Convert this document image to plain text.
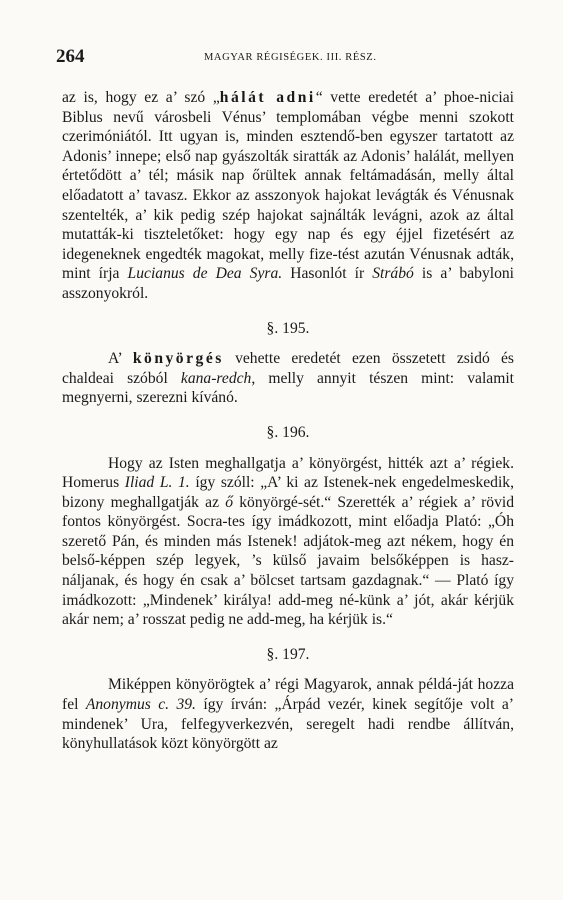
264	MAGYAR RÉGISÉGEK. III. RÉSZ.

az is, hogy ez a’ szó „hálát adni“ vette eredetét a’ phoe-niciai Biblus nevű városbeli Vénus’ templomában végbe menni szokott czerimóniától. Itt ugyan is, minden esztendő-ben egyszer tartatott az Adonis’ innepe; első nap gyászolták siratták az Adonis’ halálát, mellyen értetődött a’ tél; másik nap őrültek annak feltámadásán, melly által előadatott a’ tavasz. Ekkor az asszonyok hajokat levágták és Vénusnak szentelték, a’ kik pedig szép hajokat sajnálták levágni, azok az által mutatták-ki tiszteletőket: hogy egy nap és egy éjjel fizetésért az idegeneknek engedték magokat, melly fize-tést azután Vénusnak adták, mint írja Lucianus de Dea Syra. Hasonlót ír Strábó is a’ babyloni asszonyokról.

§. 195.

A’ könyörgés vehette eredetét ezen összetett zsidó és chaldeai szóból kana-redch, melly annyit tészen mint: valamit megnyerni, szerezni kívánó.

§. 196.

Hogy az Isten meghallgatja a’ könyörgést, hitték azt a’ régiek. Homerus Iliad L. 1. így szóll: „A’ ki az Istenek-nek engedelmeskedik, bizony meghallgatják az ő könyörgé-sét.“ Szerették a’ régiek a’ rövid fontos könyörgést. Socra-tes így imádkozott, mint előadja Plató: „Óh szerető Pán, és minden más Istenek! adjátok-meg azt nékem, hogy én belső-képpen szép legyek, ’s külső javaim belsőképpen is hasz-náljanak, és hogy én csak a’ bölcset tartsam gazdagnak.“ — Plató így imádkozott: „Mindenek’ királya! add-meg né-künk a’ jót, akár kérjük akár nem; a’ rosszat pedig ne add-meg, ha kérjük is.“

§. 197.

Miképpen könyörögtek a’ régi Magyarok, annak példá-ját hozza fel Anonymus c. 39. így írván: „Árpád vezér, kinek segítője volt a’ mindenek’ Ura, felfegyverkezvén, seregelt hadi rendbe állítván, könyhullatások közt könyörgött az
